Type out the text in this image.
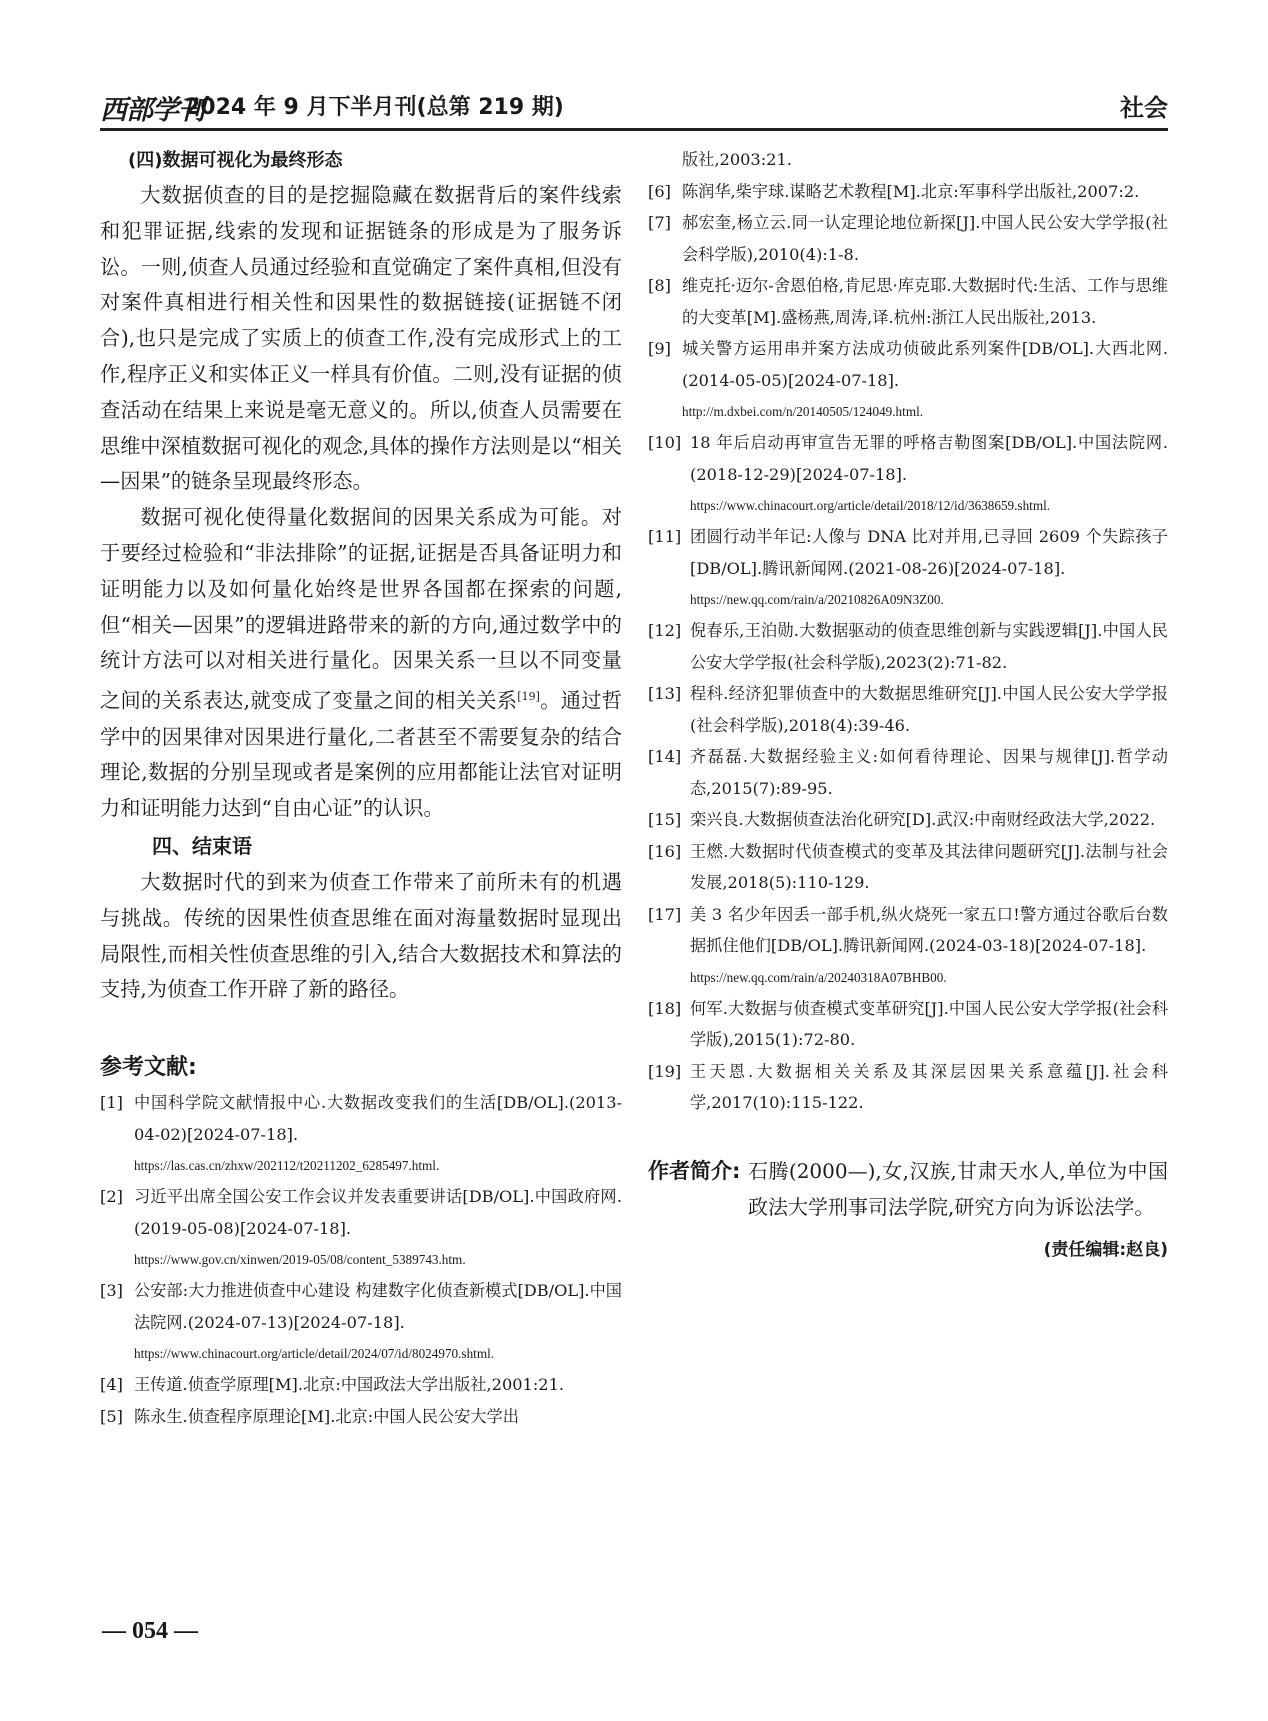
西部学刊
2024 年 9 月下半月刊(总第 219 期)	社会

(四)数据可视化为最终形态

大数据侦查的目的是挖掘隐藏在数据背后的案件线索和犯罪证据,线索的发现和证据链条的形成是为了服务诉讼。一则,侦查人员通过经验和直觉确定了案件真相,但没有对案件真相进行相关性和因果性的数据链接(证据链不闭合),也只是完成了实质上的侦查工作,没有完成形式上的工作,程序正义和实体正义一样具有价值。二则,没有证据的侦查活动在结果上来说是毫无意义的。所以,侦查人员需要在思维中深植数据可视化的观念,具体的操作方法则是以“相关—因果”的链条呈现最终形态。

数据可视化使得量化数据间的因果关系成为可能。对于要经过检验和“非法排除”的证据,证据是否具备证明力和证明能力以及如何量化始终是世界各国都在探索的问题,但“相关—因果”的逻辑进路带来的新的方向,通过数学中的统计方法可以对相关进行量化。因果关系一旦以不同变量之间的关系表达,就变成了变量之间的相关关系[19]。通过哲学中的因果律对因果进行量化,二者甚至不需要复杂的结合理论,数据的分别呈现或者是案例的应用都能让法官对证明力和证明能力达到“自由心证”的认识。

四、结束语

大数据时代的到来为侦查工作带来了前所未有的机遇与挑战。传统的因果性侦查思维在面对海量数据时显现出局限性,而相关性侦查思维的引入,结合大数据技术和算法的支持,为侦查工作开辟了新的路径。

参考文献:
[1] 中国科学院文献情报中心.大数据改变我们的生活[DB/OL].(2013-04-02)[2024-07-18].
https://las.cas.cn/zhxw/202112/t20211202_6285497.html.
[2] 习近平出席全国公安工作会议并发表重要讲话[DB/OL].中国政府网.(2019-05-08)[2024-07-18].
https://www.gov.cn/xinwen/2019-05/08/content_5389743.htm.
[3] 公安部:大力推进侦查中心建设 构建数字化侦查新模式[DB/OL].中国法院网.(2024-07-13)[2024-07-18].
https://www.chinacourt.org/article/detail/2024/07/id/8024970.shtml.
[4] 王传道.侦查学原理[M].北京:中国政法大学出版社,2001:21.
[5] 陈永生.侦查程序原理论[M].北京:中国人民公安大学出
版社,2003:21.
[6] 陈润华,柴宇球.谋略艺术教程[M].北京:军事科学出版社,2007:2.
[7] 郝宏奎,杨立云.同一认定理论地位新探[J].中国人民公安大学学报(社会科学版),2010(4):1-8.
[8] 维克托·迈尔-舍恩伯格,肯尼思·库克耶.大数据时代:生活、工作与思维的大变革[M].盛杨燕,周涛,译.杭州:浙江人民出版社,2013.
[9] 城关警方运用串并案方法成功侦破此系列案件[DB/OL].大西北网.(2014-05-05)[2024-07-18].
http://m.dxbei.com/n/20140505/124049.html.
[10] 18 年后启动再审宣告无罪的呼格吉勒图案[DB/OL].中国法院网.(2018-12-29)[2024-07-18].
https://www.chinacourt.org/article/detail/2018/12/id/3638659.shtml.
[11] 团圆行动半年记:人像与 DNA 比对并用,已寻回 2609 个失踪孩子[DB/OL].腾讯新闻网.(2021-08-26)[2024-07-18].
https://new.qq.com/rain/a/20210826A09N3Z00.
[12] 倪春乐,王泊勋.大数据驱动的侦查思维创新与实践逻辑[J].中国人民公安大学学报(社会科学版),2023(2):71-82.
[13] 程科.经济犯罪侦查中的大数据思维研究[J].中国人民公安大学学报(社会科学版),2018(4):39-46.
[14] 齐磊磊.大数据经验主义:如何看待理论、因果与规律[J].哲学动态,2015(7):89-95.
[15] 栾兴良.大数据侦查法治化研究[D].武汉:中南财经政法大学,2022.
[16] 王燃.大数据时代侦查模式的变革及其法律问题研究[J].法制与社会发展,2018(5):110-129.
[17] 美 3 名少年因丢一部手机,纵火烧死一家五口!警方通过谷歌后台数据抓住他们[DB/OL].腾讯新闻网.(2024-03-18)[2024-07-18].
https://new.qq.com/rain/a/20240318A07BHB00.
[18] 何军.大数据与侦查模式变革研究[J].中国人民公安大学学报(社会科学版),2015(1):72-80.
[19] 王天恩.大数据相关关系及其深层因果关系意蕴[J].社会科学,2017(10):115-122.
作者简介: 石腾(2000—),女,汉族,甘肃天水人,单位为中国政法大学刑事司法学院,研究方向为诉讼法学。
(责任编辑:赵良)
— 054 —
